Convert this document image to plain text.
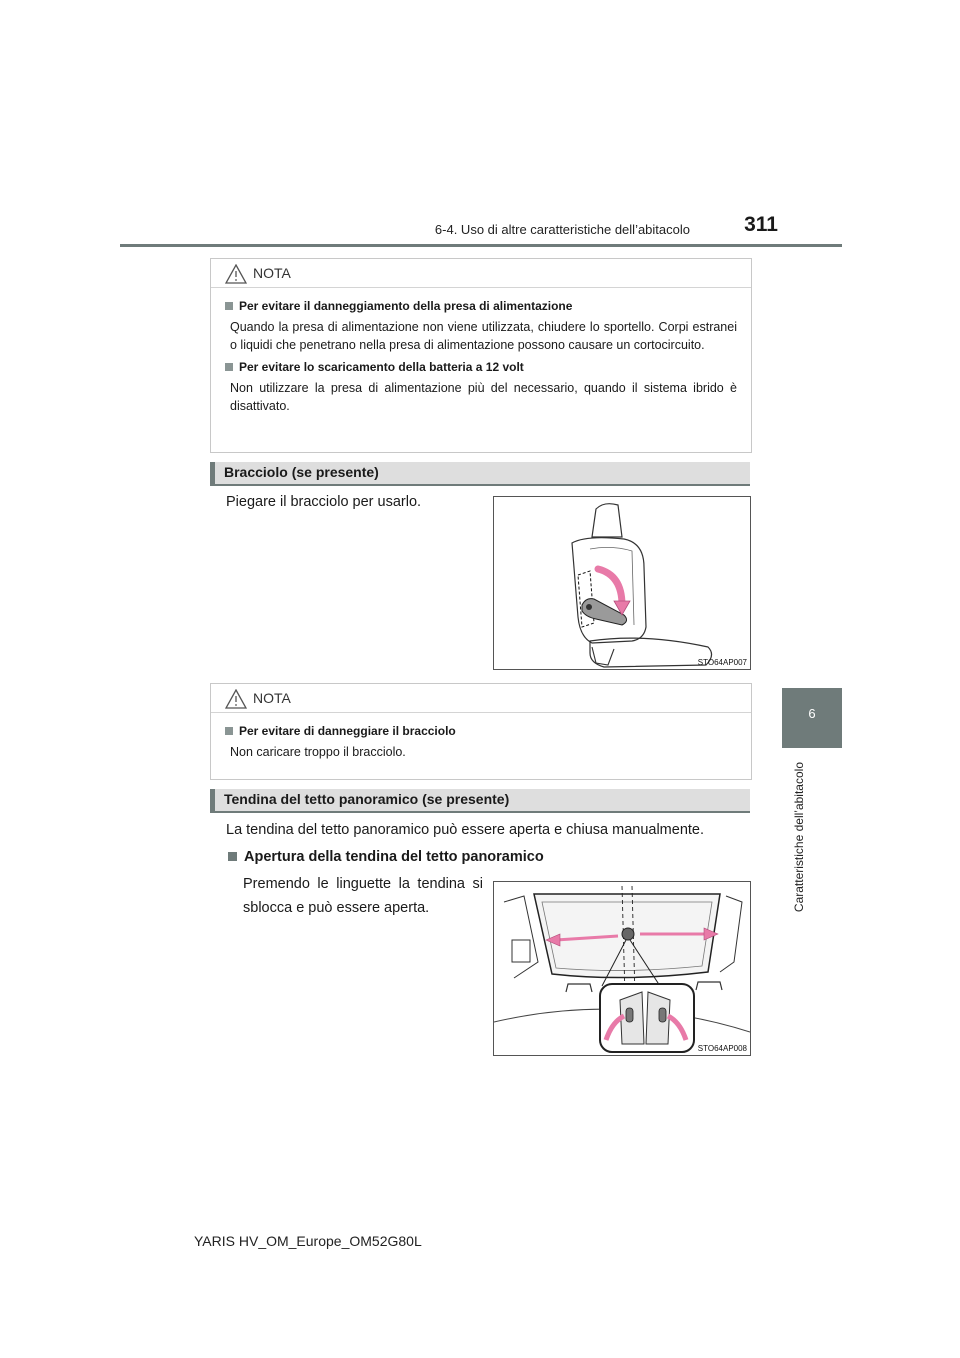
6-4. Uso di altre caratteristiche dell’abitacolo	311
6
Caratteristiche dell’abitacolo
NOTA
Per evitare il danneggiamento della presa di alimentazione
Quando la presa di alimentazione non viene utilizzata, chiudere lo sportello. Corpi estranei o liquidi che penetrano nella presa di alimentazione possono causare un cortocircuito.
Per evitare lo scaricamento della batteria a 12 volt
Non utilizzare la presa di alimentazione più del necessario, quando il sistema ibrido è disattivato.
Bracciolo (se presente)
Piegare il bracciolo per usarlo.
STO64AP007
NOTA
Per evitare di danneggiare il bracciolo
Non caricare troppo il bracciolo.
Tendina del tetto panoramico (se presente)
La tendina del tetto panoramico può essere aperta e chiusa manualmente.
Apertura della tendina del tetto panoramico
Premendo le linguette la tendina si sblocca e può essere aperta.
STO64AP008
YARIS HV_OM_Europe_OM52G80L
